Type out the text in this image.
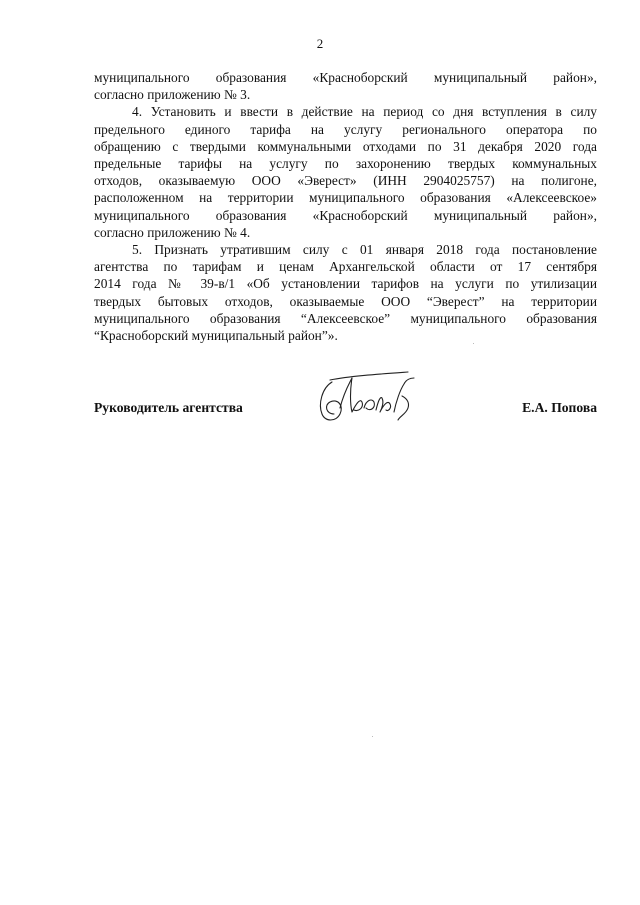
2
муниципального образования «Красноборский муниципальный район»,
согласно приложению № 3.
4. Установить и ввести в действие на период со дня вступления в силу
предельного единого тарифа на услугу регионального оператора по
обращению с твердыми коммунальными отходами по 31 декабря 2020 года
предельные тарифы на услугу по захоронению твердых коммунальных
отходов, оказываемую ООО «Эверест» (ИНН 2904025757) на полигоне,
расположенном на территории муниципального образования «Алексеевское»
муниципального образования «Красноборский муниципальный район»,
согласно приложению № 4.
5. Признать утратившим силу с 01 января 2018 года постановление
агентства по тарифам и ценам Архангельской области от 17 сентября
2014 года № 39-в/1 «Об установлении тарифов на услуги по утилизации
твердых бытовых отходов, оказываемые ООО “Эверест” на территории
муниципального образования “Алексеевское” муниципального образования
“Красноборский муниципальный район”».
Руководитель агентства	Е.А. Попова
